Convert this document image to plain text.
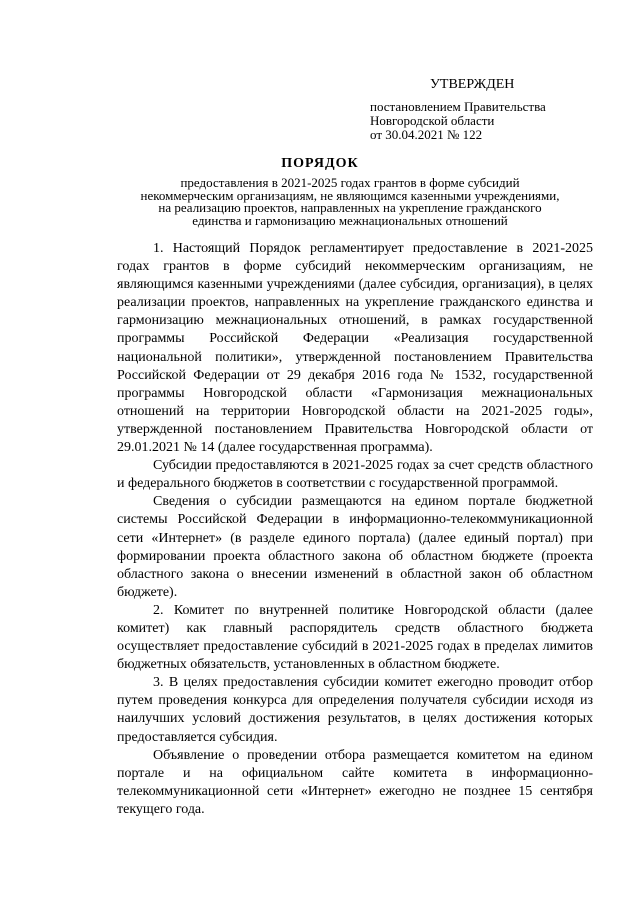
УТВЕРЖДЕН
постановлением Правительства
Новгородской области
от 30.04.2021 № 122
ПОРЯДОК
предоставления в 2021-2025 годах грантов в форме субсидий
некоммерческим организациям, не являющимся казенными учреждениями,
на реализацию проектов, направленных на укрепление гражданского
единства и гармонизацию межнациональных отношений

1. Настоящий Порядок регламентирует предоставление в 2021-2025 годах грантов в форме субсидий некоммерческим организациям, не являющимся казенными учреждениями (далее субсидия, организация), в целях реализации проектов, направленных на укрепление гражданского единства и гармонизацию межнациональных отношений, в рамках государственной программы Российской Федерации «Реализация государственной национальной политики», утвержденной постановлением Правительства Российской Федерации от 29 декабря 2016 года № 1532, государственной программы Новгородской области «Гармонизация межнациональных отношений на территории Новгородской области на 2021-2025 годы», утвержденной постановлением Правительства Новгородской области от 29.01.2021 № 14 (далее государственная программа).

Субсидии предоставляются в 2021-2025 годах за счет средств областного и федерального бюджетов в соответствии с государственной программой.

Сведения о субсидии размещаются на едином портале бюджетной системы Российской Федерации в информационно-телекоммуникационной сети «Интернет» (в разделе единого портала) (далее единый портал) при формировании проекта областного закона об областном бюджете (проекта областного закона о внесении изменений в областной закон об областном бюджете).

2. Комитет по внутренней политике Новгородской области (далее комитет) как главный распорядитель средств областного бюджета осуществляет предоставление субсидий в 2021-2025 годах в пределах лимитов бюджетных обязательств, установленных в областном бюджете.

3. В целях предоставления субсидии комитет ежегодно проводит отбор путем проведения конкурса для определения получателя субсидии исходя из наилучших условий достижения результатов, в целях достижения которых предоставляется субсидия.

Объявление о проведении отбора размещается комитетом на едином портале и на официальном сайте комитета в информационно-телекоммуникационной сети «Интернет» ежегодно не позднее 15 сентября текущего года.
